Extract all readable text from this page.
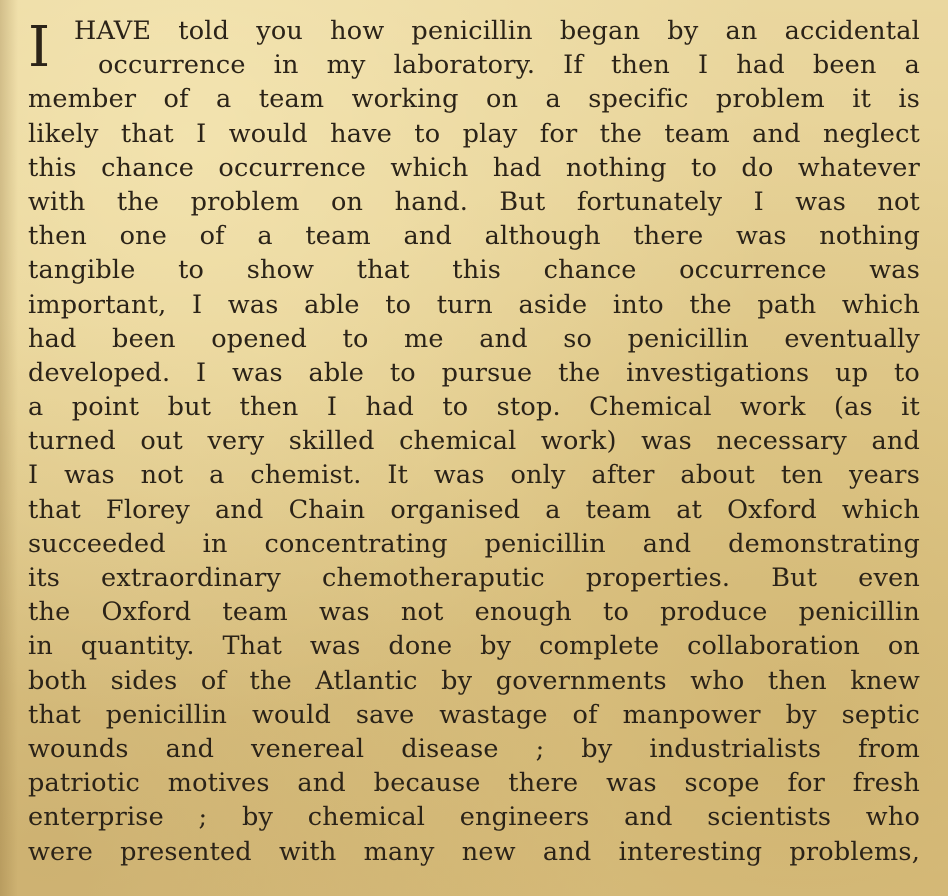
I HAVE told you how penicillin began by an accidental
occurrence in my laboratory. If then I had been a
member of a team working on a specific problem it is
likely that I would have to play for the team and neglect
this chance occurrence which had nothing to do whatever
with the problem on hand. But fortunately I was not
then one of a team and although there was nothing
tangible to show that this chance occurrence was
important, I was able to turn aside into the path which
had been opened to me and so penicillin eventually
developed. I was able to pursue the investigations up to
a point but then I had to stop. Chemical work (as it
turned out very skilled chemical work) was necessary and
I was not a chemist. It was only after about ten years
that Florey and Chain organised a team at Oxford which
succeeded in concentrating penicillin and demonstrating
its extraordinary chemotheraputic properties. But even
the Oxford team was not enough to produce penicillin
in quantity. That was done by complete collaboration on
both sides of the Atlantic by governments who then knew
that penicillin would save wastage of manpower by septic
wounds and venereal disease ; by industrialists from
patriotic motives and because there was scope for fresh
enterprise ; by chemical engineers and scientists who
were presented with many new and interesting problems,
